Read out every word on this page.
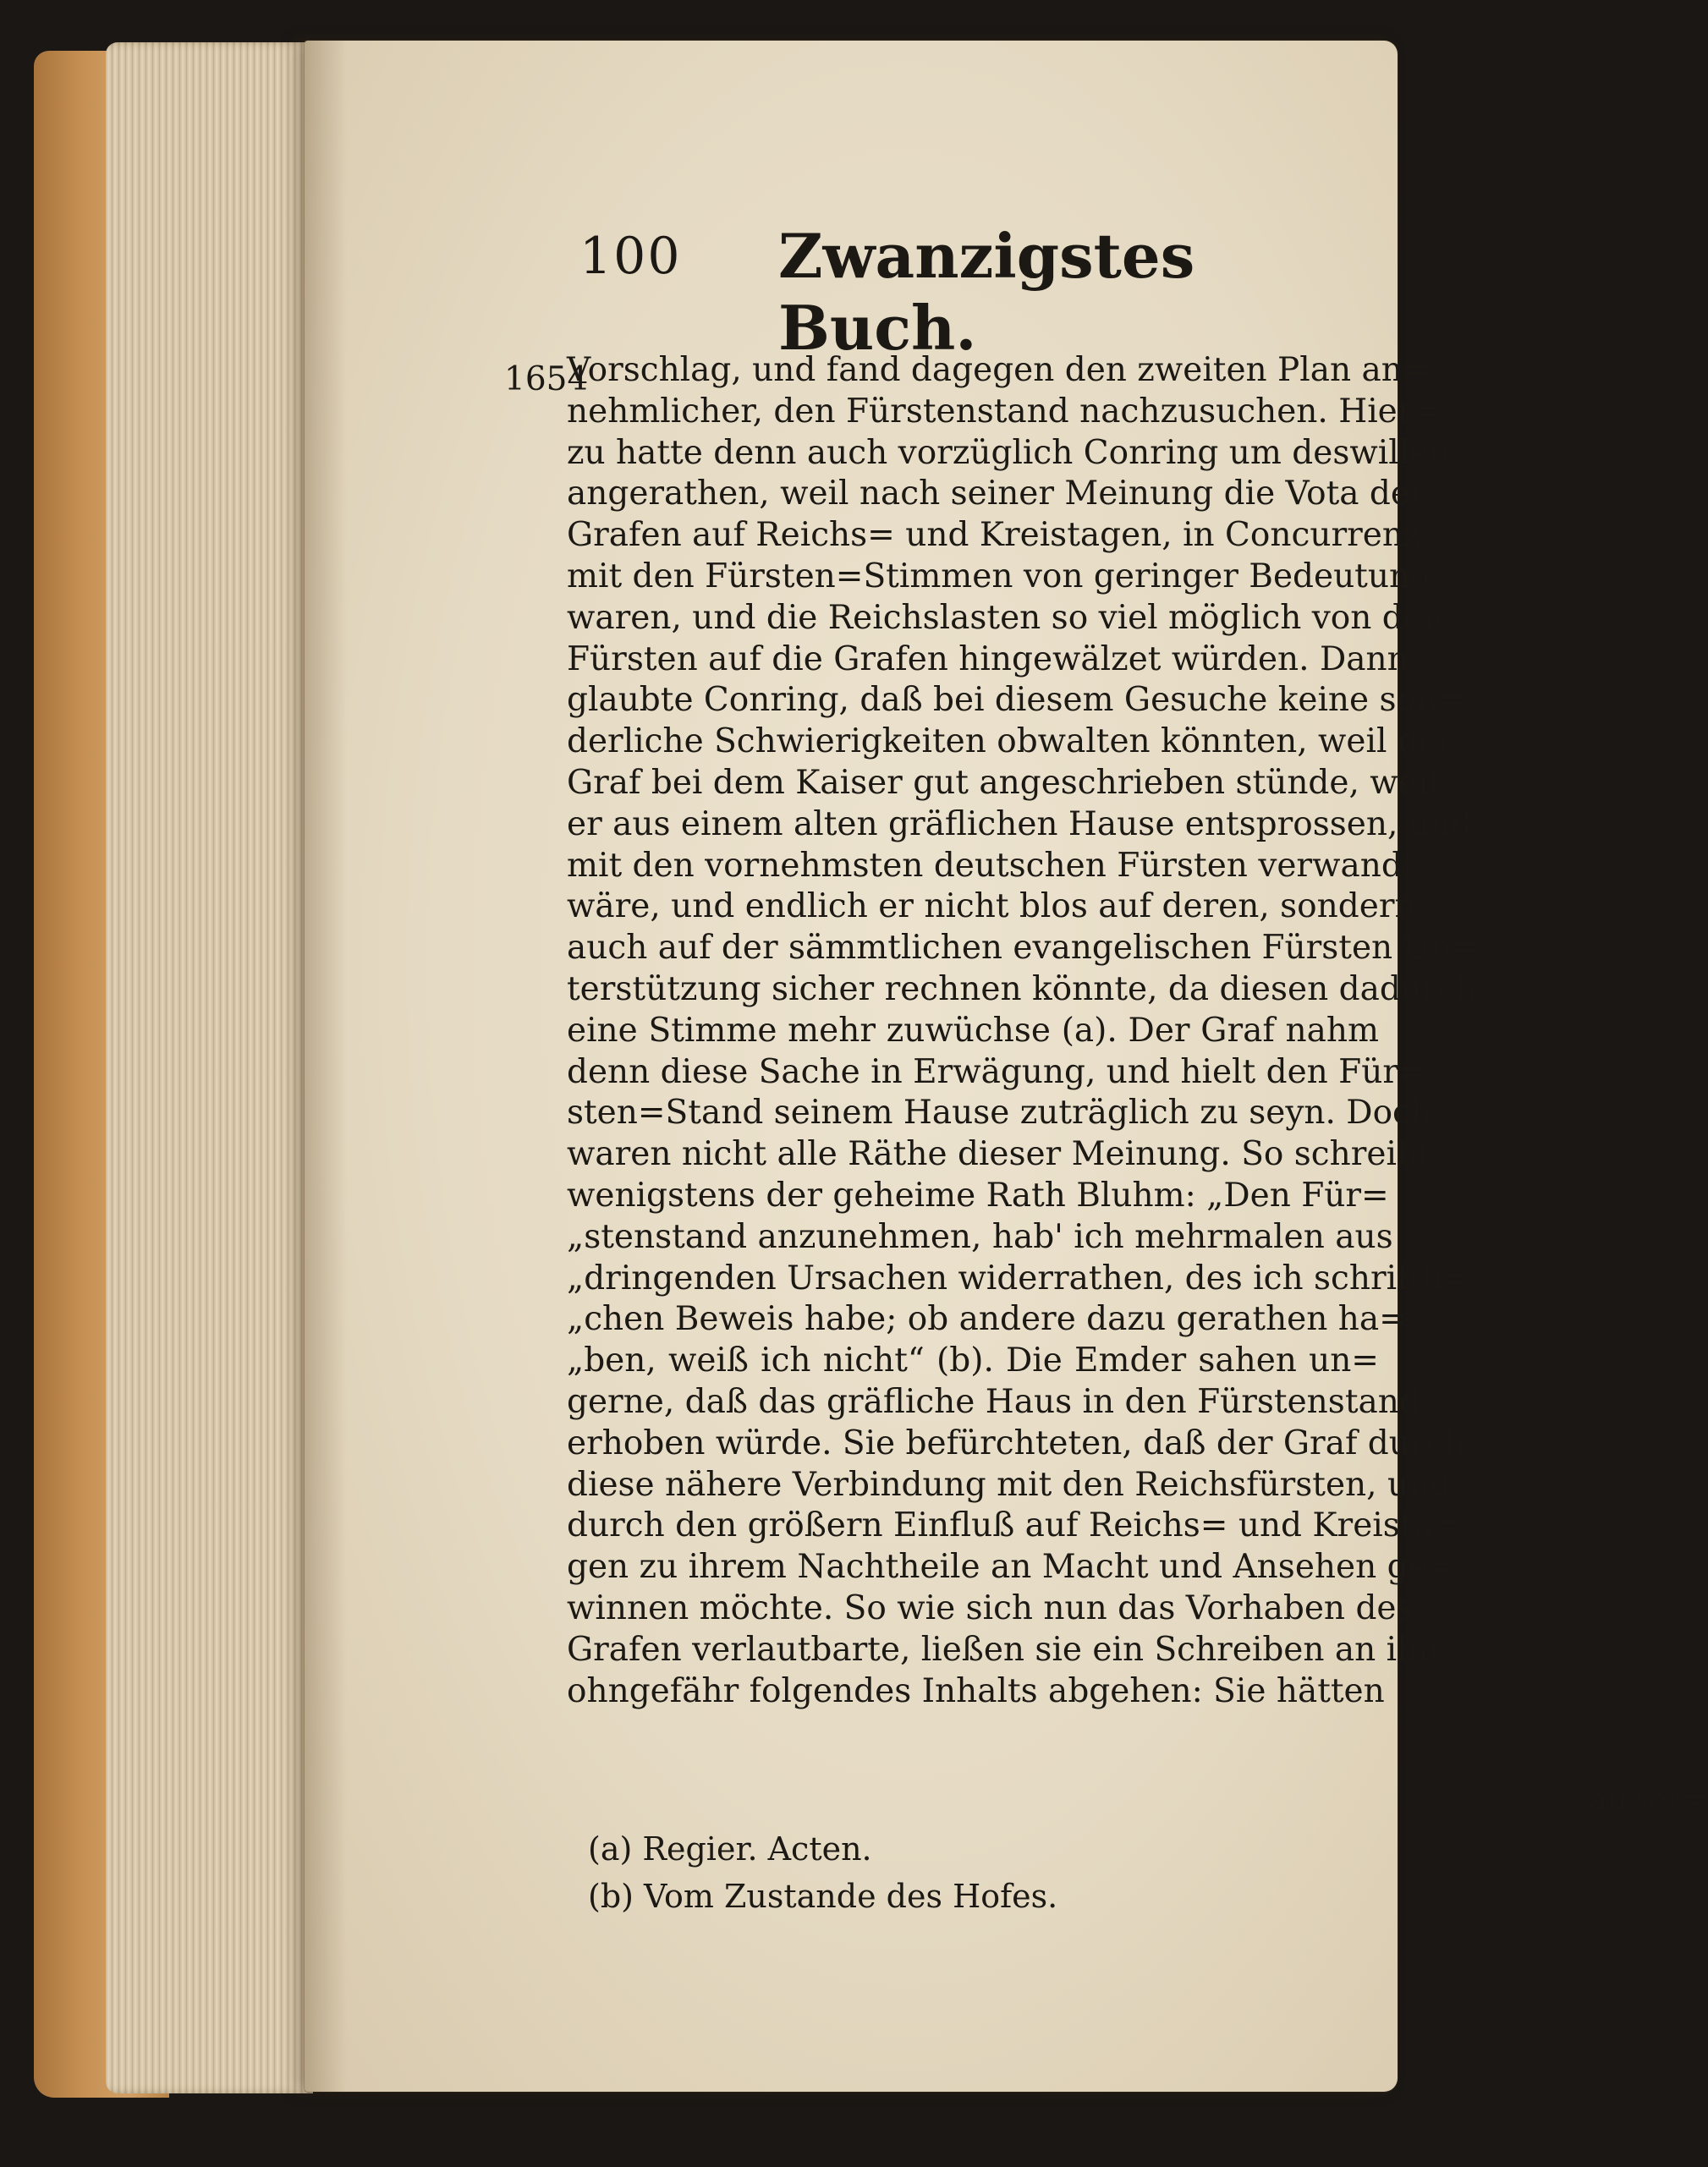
100 Zwanzigstes Buch.
1654
Vorschlag, und fand dagegen den zweiten Plan an=
nehmlicher, den Fürstenstand nachzusuchen. Hier=
zu hatte denn auch vorzüglich Conring um deswillen
angerathen, weil nach seiner Meinung die Vota der
Grafen auf Reichs= und Kreistagen, in Concurrenz
mit den Fürsten=Stimmen von geringer Bedeutung
waren, und die Reichslasten so viel möglich von den
Fürsten auf die Grafen hingewälzet würden. Dann
glaubte Conring, daß bei diesem Gesuche keine son=
derliche Schwierigkeiten obwalten könnten, weil der
Graf bei dem Kaiser gut angeschrieben stünde, weil
er aus einem alten gräflichen Hause entsprossen, und
mit den vornehmsten deutschen Fürsten verwandt
wäre, und endlich er nicht blos auf deren, sondern
auch auf der sämmtlichen evangelischen Fürsten Un=
terstützung sicher rechnen könnte, da diesen dadurch
eine Stimme mehr zuwüchse (a). Der Graf nahm
denn diese Sache in Erwägung, und hielt den Für=
sten=Stand seinem Hause zuträglich zu seyn. Doch
waren nicht alle Räthe dieser Meinung. So schreibt
wenigstens der geheime Rath Bluhm: „Den Für=
„stenstand anzunehmen, hab' ich mehrmalen aus
„dringenden Ursachen widerrathen, des ich schriftli=
„chen Beweis habe; ob andere dazu gerathen ha=
„ben, weiß ich nicht“ (b). Die Emder sahen un=
gerne, daß das gräfliche Haus in den Fürstenstand
erhoben würde. Sie befürchteten, daß der Graf durch
diese nähere Verbindung mit den Reichsfürsten, und
durch den größern Einfluß auf Reichs= und Kreista=
gen zu ihrem Nachtheile an Macht und Ansehen ge=
winnen möchte. So wie sich nun das Vorhaben des
Grafen verlautbarte, ließen sie ein Schreiben an ihn
ohngefähr folgendes Inhalts abgehen: Sie hätten
äußer=
(a) Regier. Acten.
(b) Vom Zustande des Hofes.
